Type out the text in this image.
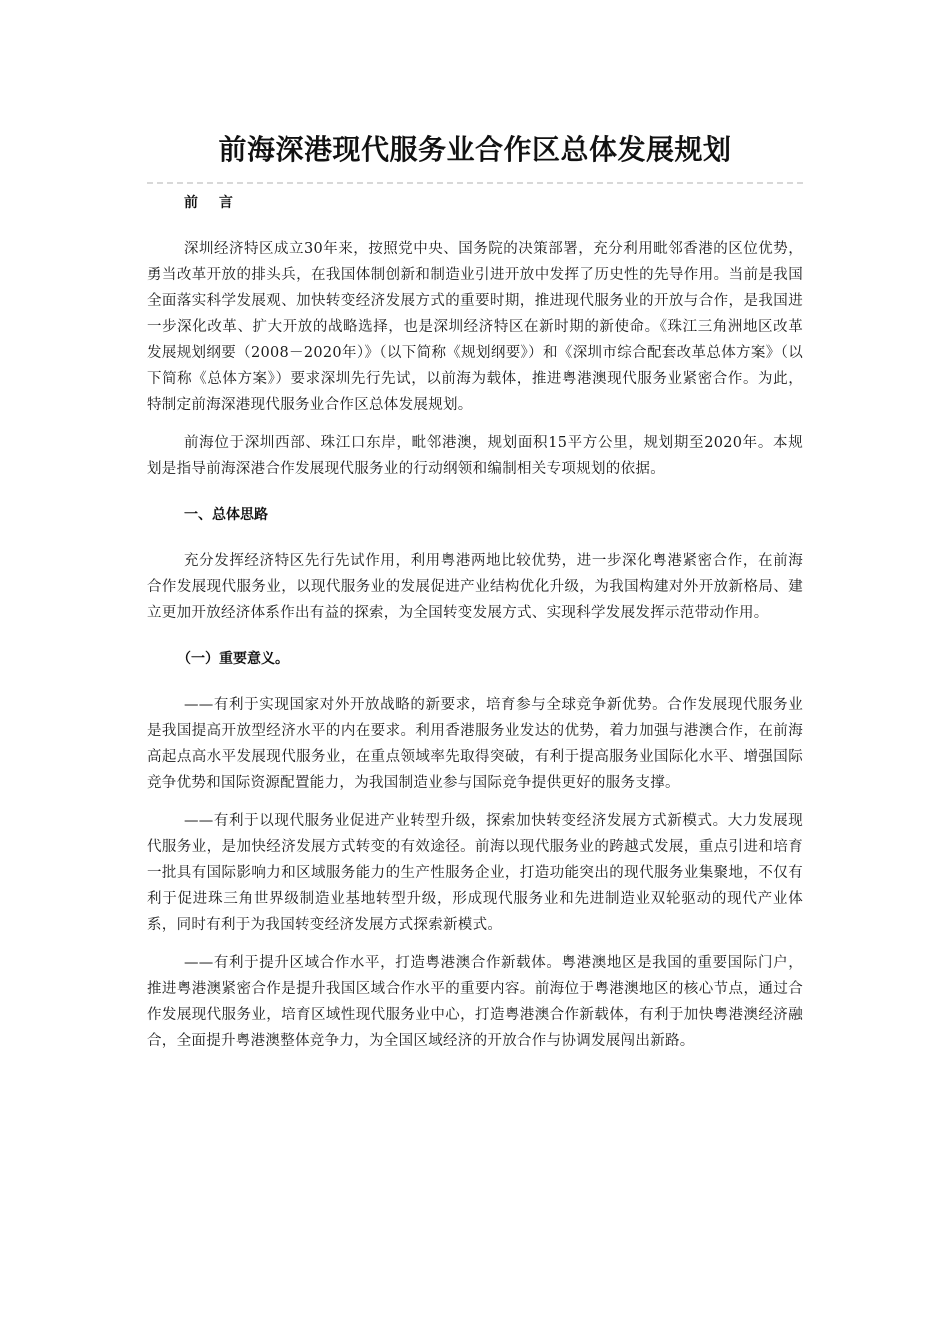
前海深港现代服务业合作区总体发展规划

前 言

深圳经济特区成立30年来，按照党中央、国务院的决策部署，充分利用毗邻香港的区位优势，勇当改革开放的排头兵，在我国体制创新和制造业引进开放中发挥了历史性的先导作用。当前是我国全面落实科学发展观、加快转变经济发展方式的重要时期，推进现代服务业的开放与合作，是我国进一步深化改革、扩大开放的战略选择，也是深圳经济特区在新时期的新使命。《珠江三角洲地区改革发展规划纲要（2008－2020年）》（以下简称《规划纲要》）和《深圳市综合配套改革总体方案》（以下简称《总体方案》）要求深圳先行先试，以前海为载体，推进粤港澳现代服务业紧密合作。为此，特制定前海深港现代服务业合作区总体发展规划。

前海位于深圳西部、珠江口东岸，毗邻港澳，规划面积15平方公里，规划期至2020年。本规划是指导前海深港合作发展现代服务业的行动纲领和编制相关专项规划的依据。

一、总体思路

充分发挥经济特区先行先试作用，利用粤港两地比较优势，进一步深化粤港紧密合作，在前海合作发展现代服务业，以现代服务业的发展促进产业结构优化升级，为我国构建对外开放新格局、建立更加开放经济体系作出有益的探索，为全国转变发展方式、实现科学发展发挥示范带动作用。

（一）重要意义。

——有利于实现国家对外开放战略的新要求，培育参与全球竞争新优势。合作发展现代服务业是我国提高开放型经济水平的内在要求。利用香港服务业发达的优势，着力加强与港澳合作，在前海高起点高水平发展现代服务业，在重点领域率先取得突破，有利于提高服务业国际化水平、增强国际竞争优势和国际资源配置能力，为我国制造业参与国际竞争提供更好的服务支撑。

——有利于以现代服务业促进产业转型升级，探索加快转变经济发展方式新模式。大力发展现代服务业，是加快经济发展方式转变的有效途径。前海以现代服务业的跨越式发展，重点引进和培育一批具有国际影响力和区域服务能力的生产性服务企业，打造功能突出的现代服务业集聚地，不仅有利于促进珠三角世界级制造业基地转型升级，形成现代服务业和先进制造业双轮驱动的现代产业体系，同时有利于为我国转变经济发展方式探索新模式。

——有利于提升区域合作水平，打造粤港澳合作新载体。粤港澳地区是我国的重要国际门户，推进粤港澳紧密合作是提升我国区域合作水平的重要内容。前海位于粤港澳地区的核心节点，通过合作发展现代服务业，培育区域性现代服务业中心，打造粤港澳合作新载体，有利于加快粤港澳经济融合，全面提升粤港澳整体竞争力，为全国区域经济的开放合作与协调发展闯出新路。
